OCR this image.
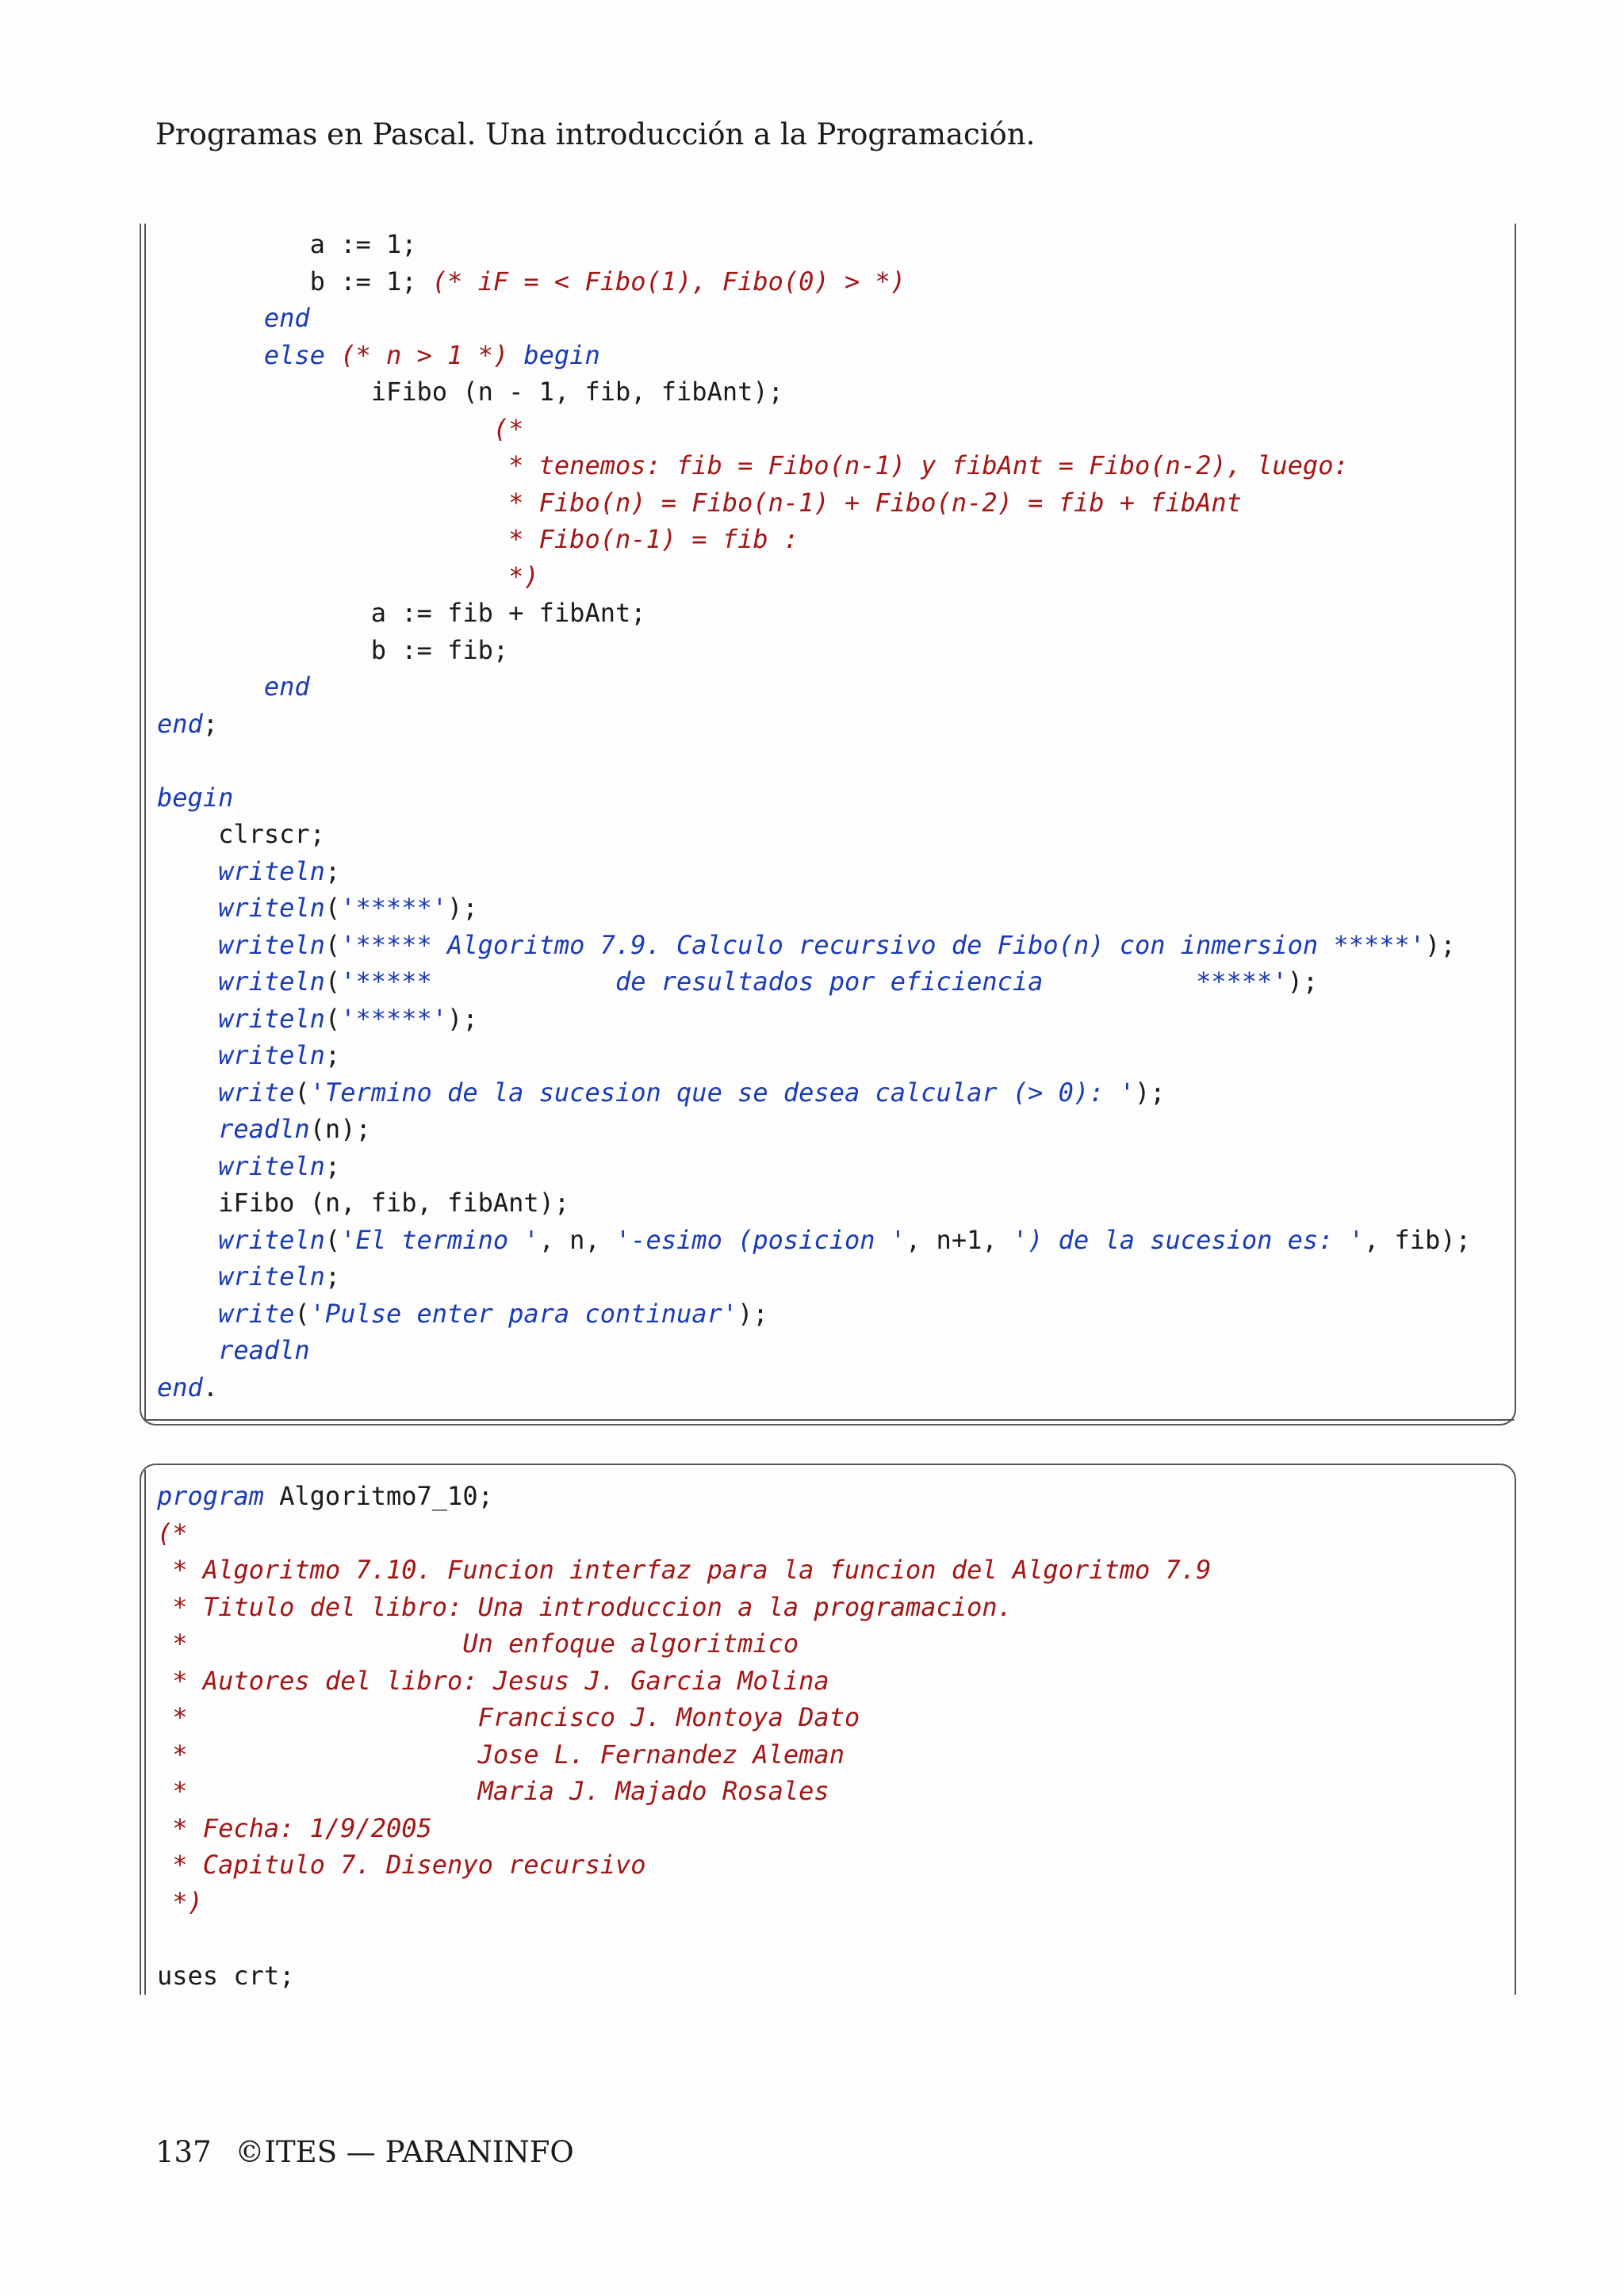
Programas en Pascal. Una introducción a la Programación.
a := 1;
b := 1; (* iF = < Fibo(1), Fibo(0) > *)
end
else (* n > 1 *) begin
iFibo (n - 1, fib, fibAnt);
(*
* tenemos: fib = Fibo(n-1) y fibAnt = Fibo(n-2), luego:
* Fibo(n) = Fibo(n-1) + Fibo(n-2) = fib + fibAnt
* Fibo(n-1) = fib :
*)
a := fib + fibAnt;
b := fib;
end
end;
begin
clrscr;
writeln;
writeln('*****');
writeln('***** Algoritmo 7.9. Calculo recursivo de Fibo(n) con inmersion *****');
writeln('*****            de resultados por eficiencia          *****');
writeln('*****');
writeln;
write('Termino de la sucesion que se desea calcular (> 0): ');
readln(n);
writeln;
iFibo (n, fib, fibAnt);
writeln('El termino ', n, '-esimo (posicion ', n+1, ') de la sucesion es: ', fib);
writeln;
write('Pulse enter para continuar');
readln
end.
program Algoritmo7_10;
(*
* Algoritmo 7.10. Funcion interfaz para la funcion del Algoritmo 7.9
* Titulo del libro: Una introduccion a la programacion.
*                  Un enfoque algoritmico
* Autores del libro: Jesus J. Garcia Molina
*                   Francisco J. Montoya Dato
*                   Jose L. Fernandez Aleman
*                   Maria J. Majado Rosales
* Fecha: 1/9/2005
* Capitulo 7. Disenyo recursivo
*)
uses crt;
137 ©ITES — PARANINFO
